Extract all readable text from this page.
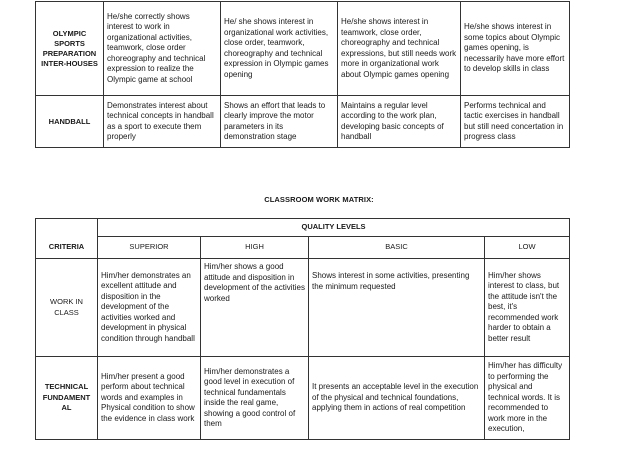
OLYMPIC SPORTS PREPARATION INTER-HOUSES	He/she correctly shows interest to work in organizational activities, teamwork, close order choreography and technical expression to realize the Olympic game at school	He/ she shows interest in organizational work activities, close order, teamwork, choreography and technical expression in Olympic games opening	He/she shows interest in teamwork, close order, choreography and technical expressions, but still needs work more in organizational work about Olympic games opening	He/she shows interest in some topics about Olympic games opening, is necessarily have more effort to develop skills in class
HANDBALL	Demonstrates interest about technical concepts in handball as a sport to execute them properly	Shows an effort that leads to clearly improve the motor parameters in its demonstration stage	Maintains a regular level according to the work plan, developing basic concepts of handball	Performs technical and tactic exercises in handball but still need concertation in progress class
CLASSROOM WORK MATRIX:
	QUALITY LEVELS			
CRITERIA	SUPERIOR	HIGH	BASIC	LOW
WORK IN CLASS	Him/her demonstrates an excellent attitude and disposition in the development of the activities worked and development in physical condition through handball	Him/her shows a good attitude and disposition in development of the activities worked	Shows interest in some activities, presenting the minimum requested	Him/her shows interest to class, but the attitude isn't the best, it's recommended work harder to obtain a better result
TECHNICAL FUNDAMENT AL	Him/her present a good perform about technical words and examples in Physical condition to show the evidence in class work	Him/her demonstrates a good level in execution of technical fundamentals inside the real game, showing a good control of them	It presents an acceptable level in the execution of the physical and technical foundations, applying them in actions of real competition	Him/her has difficulty to performing the physical and technical words. It is recommended to work more in the execution,
